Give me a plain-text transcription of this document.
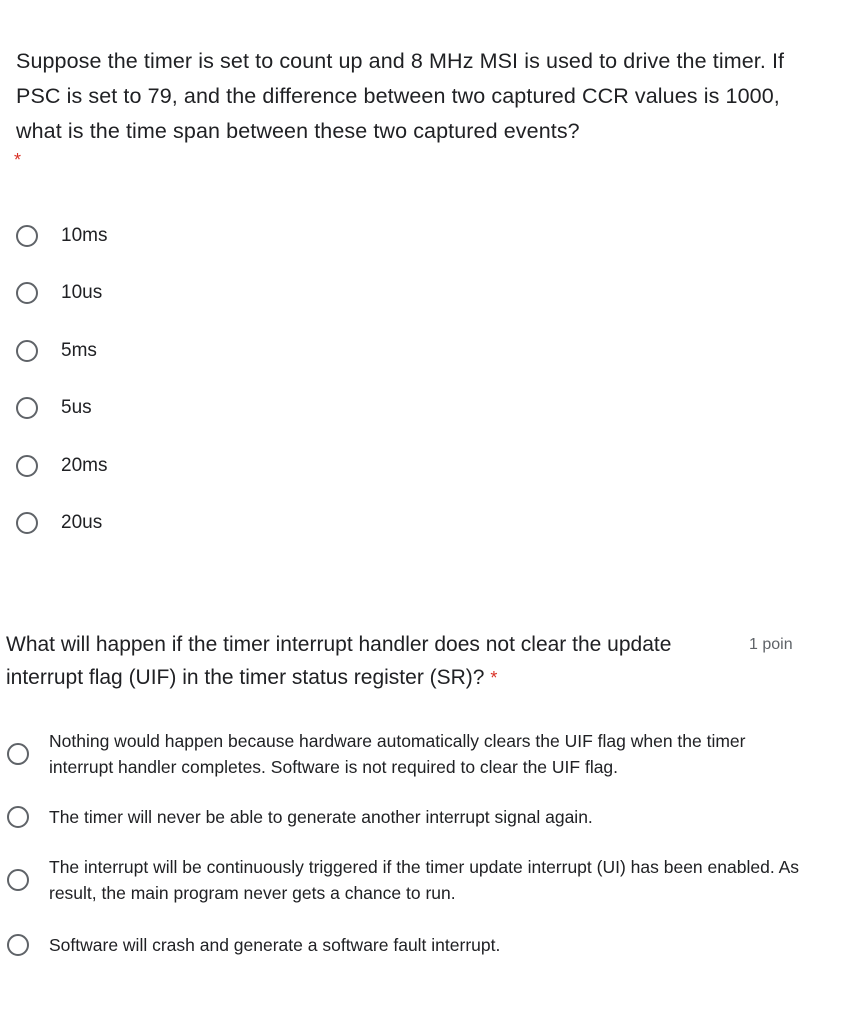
Suppose the timer is set to count up and 8 MHz MSI is used to drive the timer. If PSC is set to 79, and the difference between two captured CCR values is 1000, what is the time span between these two captured events?

*
10ms
10us
5ms
5us
20ms
20us

What will happen if the timer interrupt handler does not clear the update interrupt flag (UIF) in the timer status register (SR)? *

1 poin
Nothing would happen because hardware automatically clears the UIF flag when the timer interrupt handler completes. Software is not required to clear the UIF flag.
The timer will never be able to generate another interrupt signal again.
The interrupt will be continuously triggered if the timer update interrupt (UI) has been enabled. As result, the main program never gets a chance to run.
Software will crash and generate a software fault interrupt.
